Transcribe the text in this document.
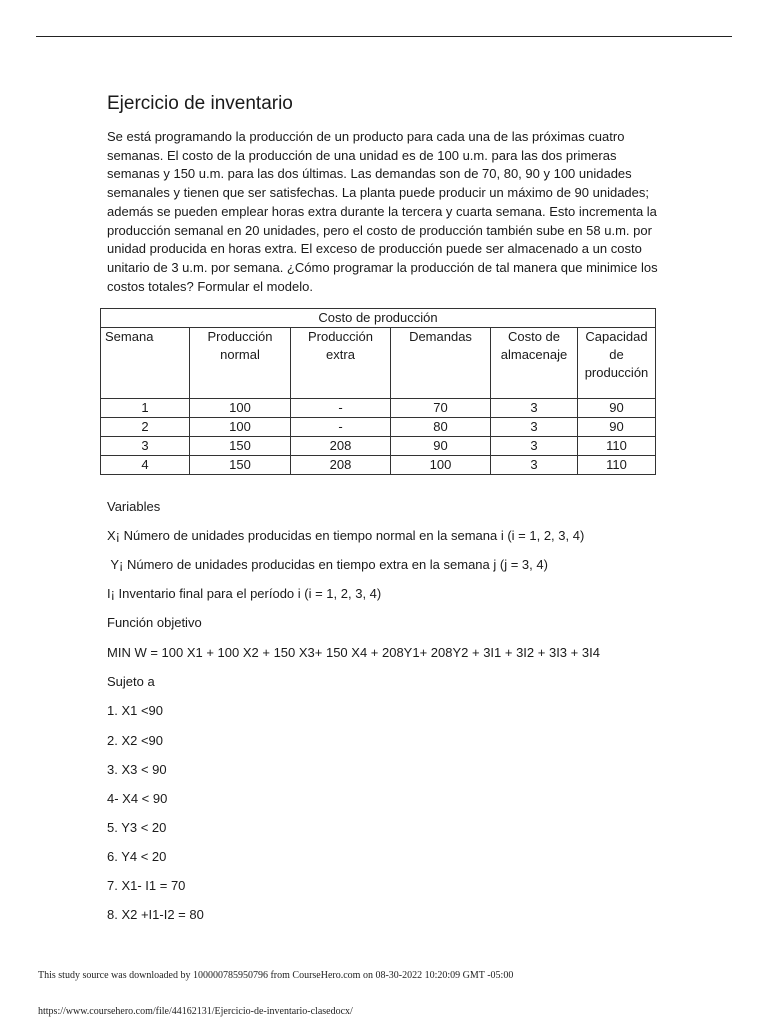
Ejercicio de inventario

Se está programando la producción de un producto para cada una de las próximas cuatro semanas. El costo de la producción de una unidad es de 100 u.m. para las dos primeras semanas y 150 u.m. para las dos últimas. Las demandas son de 70, 80, 90 y 100 unidades semanales y tienen que ser satisfechas. La planta puede producir un máximo de 90 unidades; además se pueden emplear horas extra durante la tercera y cuarta semana. Esto incrementa la producción semanal en 20 unidades, pero el costo de producción también sube en 58 u.m. por unidad producida en horas extra. El exceso de producción puede ser almacenado a un costo unitario de 3 u.m. por semana. ¿Cómo programar la producción de tal manera que minimice los costos totales? Formular el modelo.

Costo de producción					
Semana	Producción normal	Producción extra	Demandas	Costo de almacenaje	Capacidad de producción
1	100	-	70	3	90
2	100	-	80	3	90
3	150	208	90	3	110
4	150	208	100	3	110
Variables
X¡ Número de unidades producidas en tiempo normal en la semana i (i = 1, 2, 3, 4)
Y¡ Número de unidades producidas en tiempo extra en la semana j (j = 3, 4)
I¡ Inventario final para el período i (i = 1, 2, 3, 4)
Función objetivo
MIN W = 100 X1 + 100 X2 + 150 X3+ 150 X4 + 208Y1+ 208Y2 + 3I1 + 3I2 + 3I3 + 3I4
Sujeto a
1. X1 <90
2. X2 <90
3. X3 < 90
4- X4 < 90
5. Y3 < 20
6. Y4 < 20
7. X1- I1 = 70
8. X2 +I1-I2 = 80
This study source was downloaded by 100000785950796 from CourseHero.com on 08-30-2022 10:20:09 GMT -05:00
https://www.coursehero.com/file/44162131/Ejercicio-de-inventario-clasedocx/
